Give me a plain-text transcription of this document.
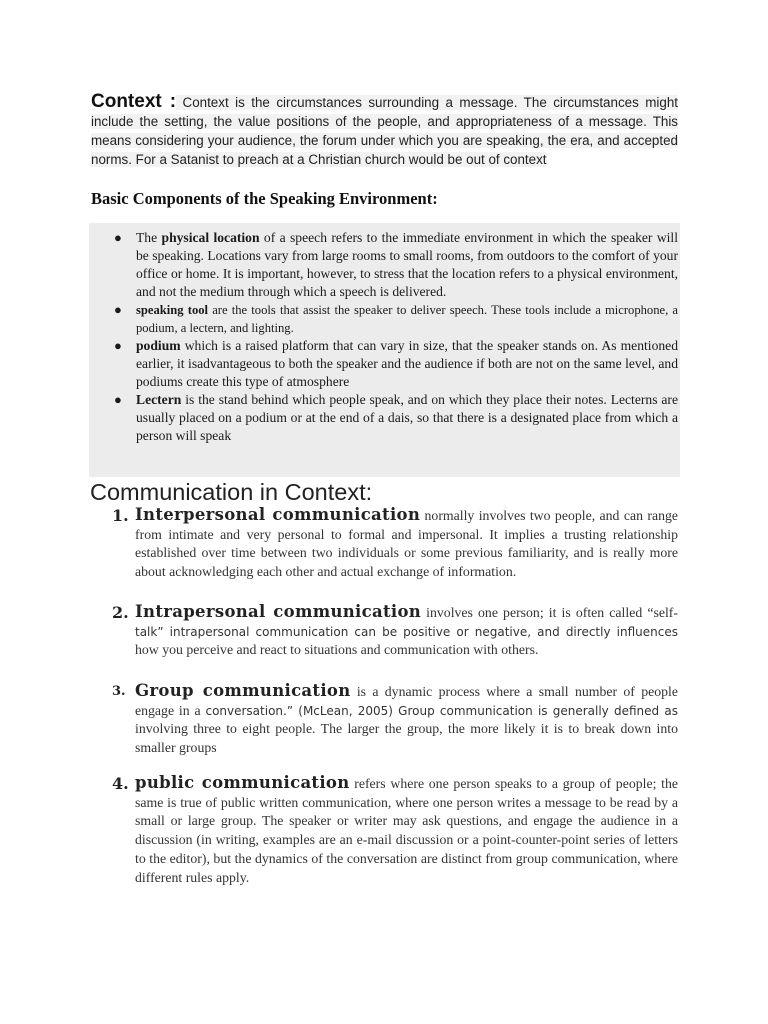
Context : Context is the circumstances surrounding a message. The circumstances might include the setting, the value positions of the people, and appropriateness of a message. This means considering your audience, the forum under which you are speaking, the era, and accepted norms. For a Satanist to preach at a Christian church would be out of context
Basic Components of the Speaking Environment:
● The physical location of a speech refers to the immediate environment in which the speaker will be speaking. Locations vary from large rooms to small rooms, from outdoors to the comfort of your office or home. It is important, however, to stress that the location refers to a physical environment, and not the medium through which a speech is delivered.
● speaking tool are the tools that assist the speaker to deliver speech. These tools include a microphone, a podium, a lectern, and lighting.
● podium which is a raised platform that can vary in size, that the speaker stands on. As mentioned earlier, it isadvantageous to both the speaker and the audience if both are not on the same level, and podiums create this type of atmosphere
● Lectern is the stand behind which people speak, and on which they place their notes. Lecterns are usually placed on a podium or at the end of a dais, so that there is a designated place from which a person will speak
Communication in Context:
1. Interpersonal communication normally involves two people, and can range from intimate and very personal to formal and impersonal. It implies a trusting relationship established over time between two individuals or some previous familiarity, and is really more about acknowledging each other and actual exchange of information.
2. Intrapersonal communication involves one person; it is often called “self- talk” intrapersonal communication can be positive or negative, and directly influences how you perceive and react to situations and communication with others.
3. Group communication is a dynamic process where a small number of people engage in a conversation.” (McLean, 2005) Group communication is generally defined as involving three to eight people. The larger the group, the more likely it is to break down into smaller groups
4. public communication refers where one person speaks to a group of people; the same is true of public written communication, where one person writes a message to be read by a small or large group. The speaker or writer may ask questions, and engage the audience in a discussion (in writing, examples are an e-mail discussion or a point-counter-point series of letters to the editor), but the dynamics of the conversation are distinct from group communication, where different rules apply.
